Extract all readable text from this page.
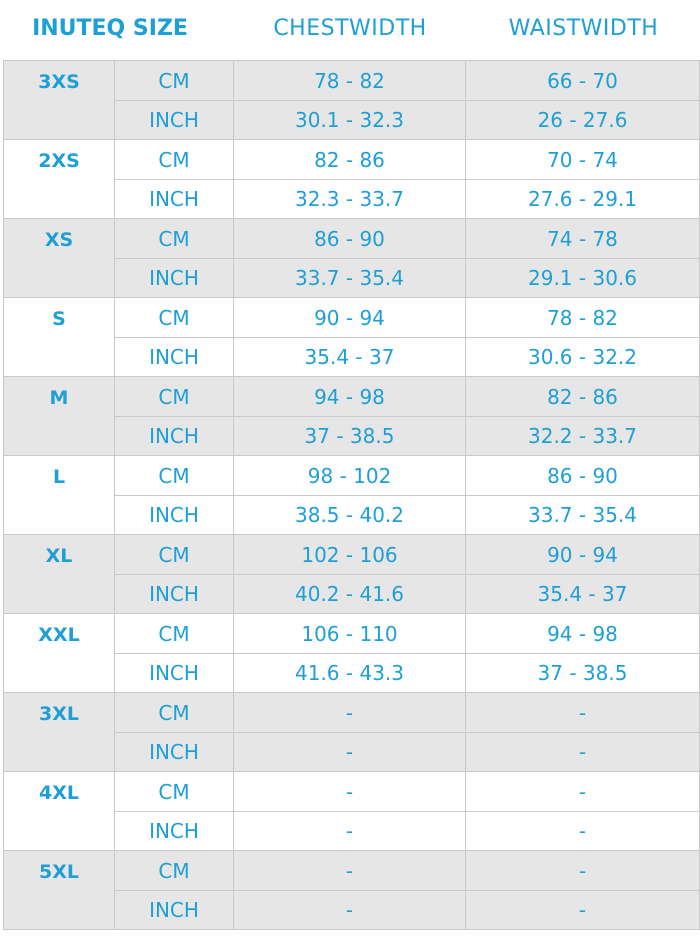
INUTEQ SIZE	CHESTWIDTH	WAISTWIDTH
3XS	CM	78 - 82	66 - 70
INCH	30.1 - 32.3	26 - 27.6
2XS	CM	82 - 86	70 - 74
INCH	32.3 - 33.7	27.6 - 29.1
XS	CM	86 - 90	74 - 78
INCH	33.7 - 35.4	29.1 - 30.6
S	CM	90 - 94	78 - 82
INCH	35.4 - 37	30.6 - 32.2
M	CM	94 - 98	82 - 86
INCH	37 - 38.5	32.2 - 33.7
L	CM	98 - 102	86 - 90
INCH	38.5 - 40.2	33.7 - 35.4
XL	CM	102 - 106	90 - 94
INCH	40.2 - 41.6	35.4 - 37
XXL	CM	106 - 110	94 - 98
INCH	41.6 - 43.3	37 - 38.5
3XL	CM	-	-
INCH	-	-
4XL	CM	-	-
INCH	-	-
5XL	CM	-	-
INCH	-	-
